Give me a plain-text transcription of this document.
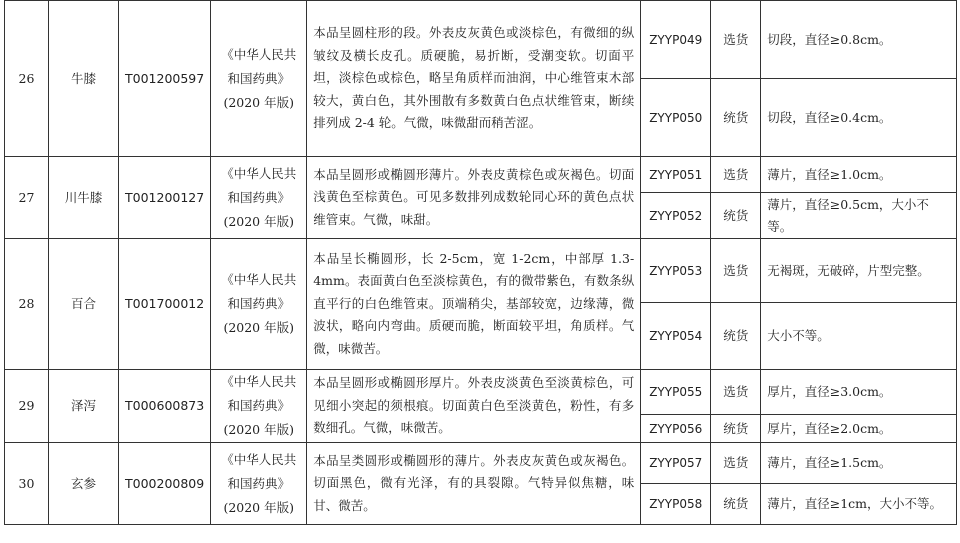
26	牛膝	T001200597	《中华人民共和国药典》(2020 年版)	本品呈圆柱形的段。外表皮灰黄色或淡棕色，有微细的纵皱纹及横长皮孔。质硬脆，易折断，受潮变软。切面平坦，淡棕色或棕色，略呈角质样而油润，中心维管束木部较大，黄白色，其外围散有多数黄白色点状维管束，断续排列成 2-4 轮。气微，味微甜而稍苦涩。	ZYYP049	选货	切段，直径≥0.8cm。
					ZYYP050	统货	切段，直径≥0.4cm。
27	川牛膝	T001200127	《中华人民共和国药典》(2020 年版)	本品呈圆形或椭圆形薄片。外表皮黄棕色或灰褐色。切面浅黄色至棕黄色。可见多数排列成数轮同心环的黄色点状维管束。气微，味甜。	ZYYP051	选货	薄片，直径≥1.0cm。
					ZYYP052	统货	薄片，直径≥0.5cm，大小不等。
28	百合	T001700012	《中华人民共和国药典》(2020 年版)	本品呈长椭圆形，长 2-5cm，宽 1-2cm，中部厚 1.3-4mm。表面黄白色至淡棕黄色，有的微带紫色，有数条纵直平行的白色维管束。顶端稍尖，基部较宽，边缘薄，微波状，略向内弯曲。质硬而脆，断面较平坦，角质样。气微，味微苦。	ZYYP053	选货	无褐斑，无破碎，片型完整。
					ZYYP054	统货	大小不等。
29	泽泻	T000600873	《中华人民共和国药典》(2020 年版)	本品呈圆形或椭圆形厚片。外表皮淡黄色至淡黄棕色，可见细小突起的须根痕。切面黄白色至淡黄色，粉性，有多数细孔。气微，味微苦。	ZYYP055	选货	厚片，直径≥3.0cm。
					ZYYP056	统货	厚片，直径≥2.0cm。
30	玄参	T000200809	《中华人民共和国药典》(2020 年版)	本品呈类圆形或椭圆形的薄片。外表皮灰黄色或灰褐色。切面黑色，微有光泽，有的具裂隙。气特异似焦糖，味甘、微苦。	ZYYP057	选货	薄片，直径≥1.5cm。
					ZYYP058	统货	薄片，直径≥1cm，大小不等。
